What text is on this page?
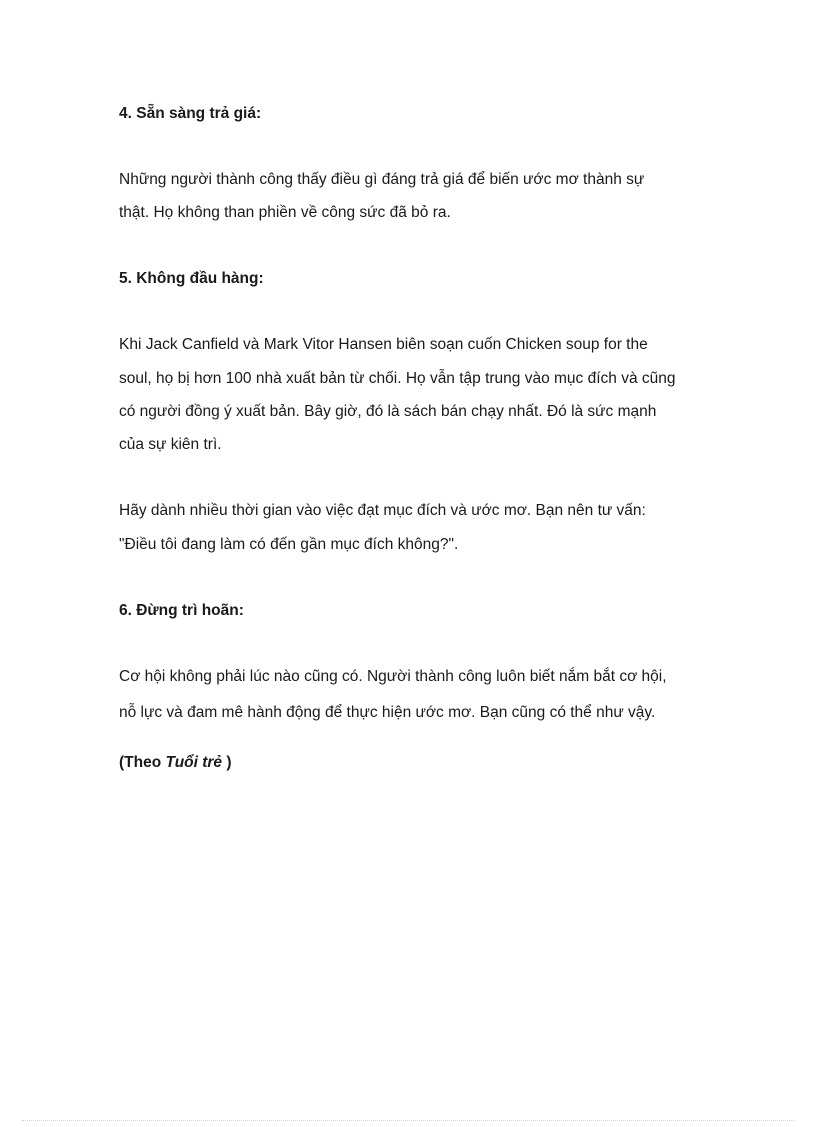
4. Sẵn sàng trả giá:
Những người thành công thấy điều gì đáng trả giá để biến ước mơ thành sự
thật. Họ không than phiền về công sức đã bỏ ra.
5. Không đầu hàng:
Khi Jack Canfield và Mark Vitor Hansen biên soạn cuốn Chicken soup for the
soul, họ bị hơn 100 nhà xuất bản từ chối. Họ vẫn tập trung vào mục đích và cũng
có người đồng ý xuất bản. Bây giờ, đó là sách bán chạy nhất. Đó là sức mạnh
của sự kiên trì.
Hãy dành nhiều thời gian vào việc đạt mục đích và ước mơ. Bạn nên tư vấn:
"Điều tôi đang làm có đến gần mục đích không?".
6. Đừng trì hoãn:
Cơ hội không phải lúc nào cũng có. Người thành công luôn biết nắm bắt cơ hội,
nỗ lực và đam mê hành động để thực hiện ước mơ. Bạn cũng có thể như vậy.
(Theo Tuổi trẻ )
